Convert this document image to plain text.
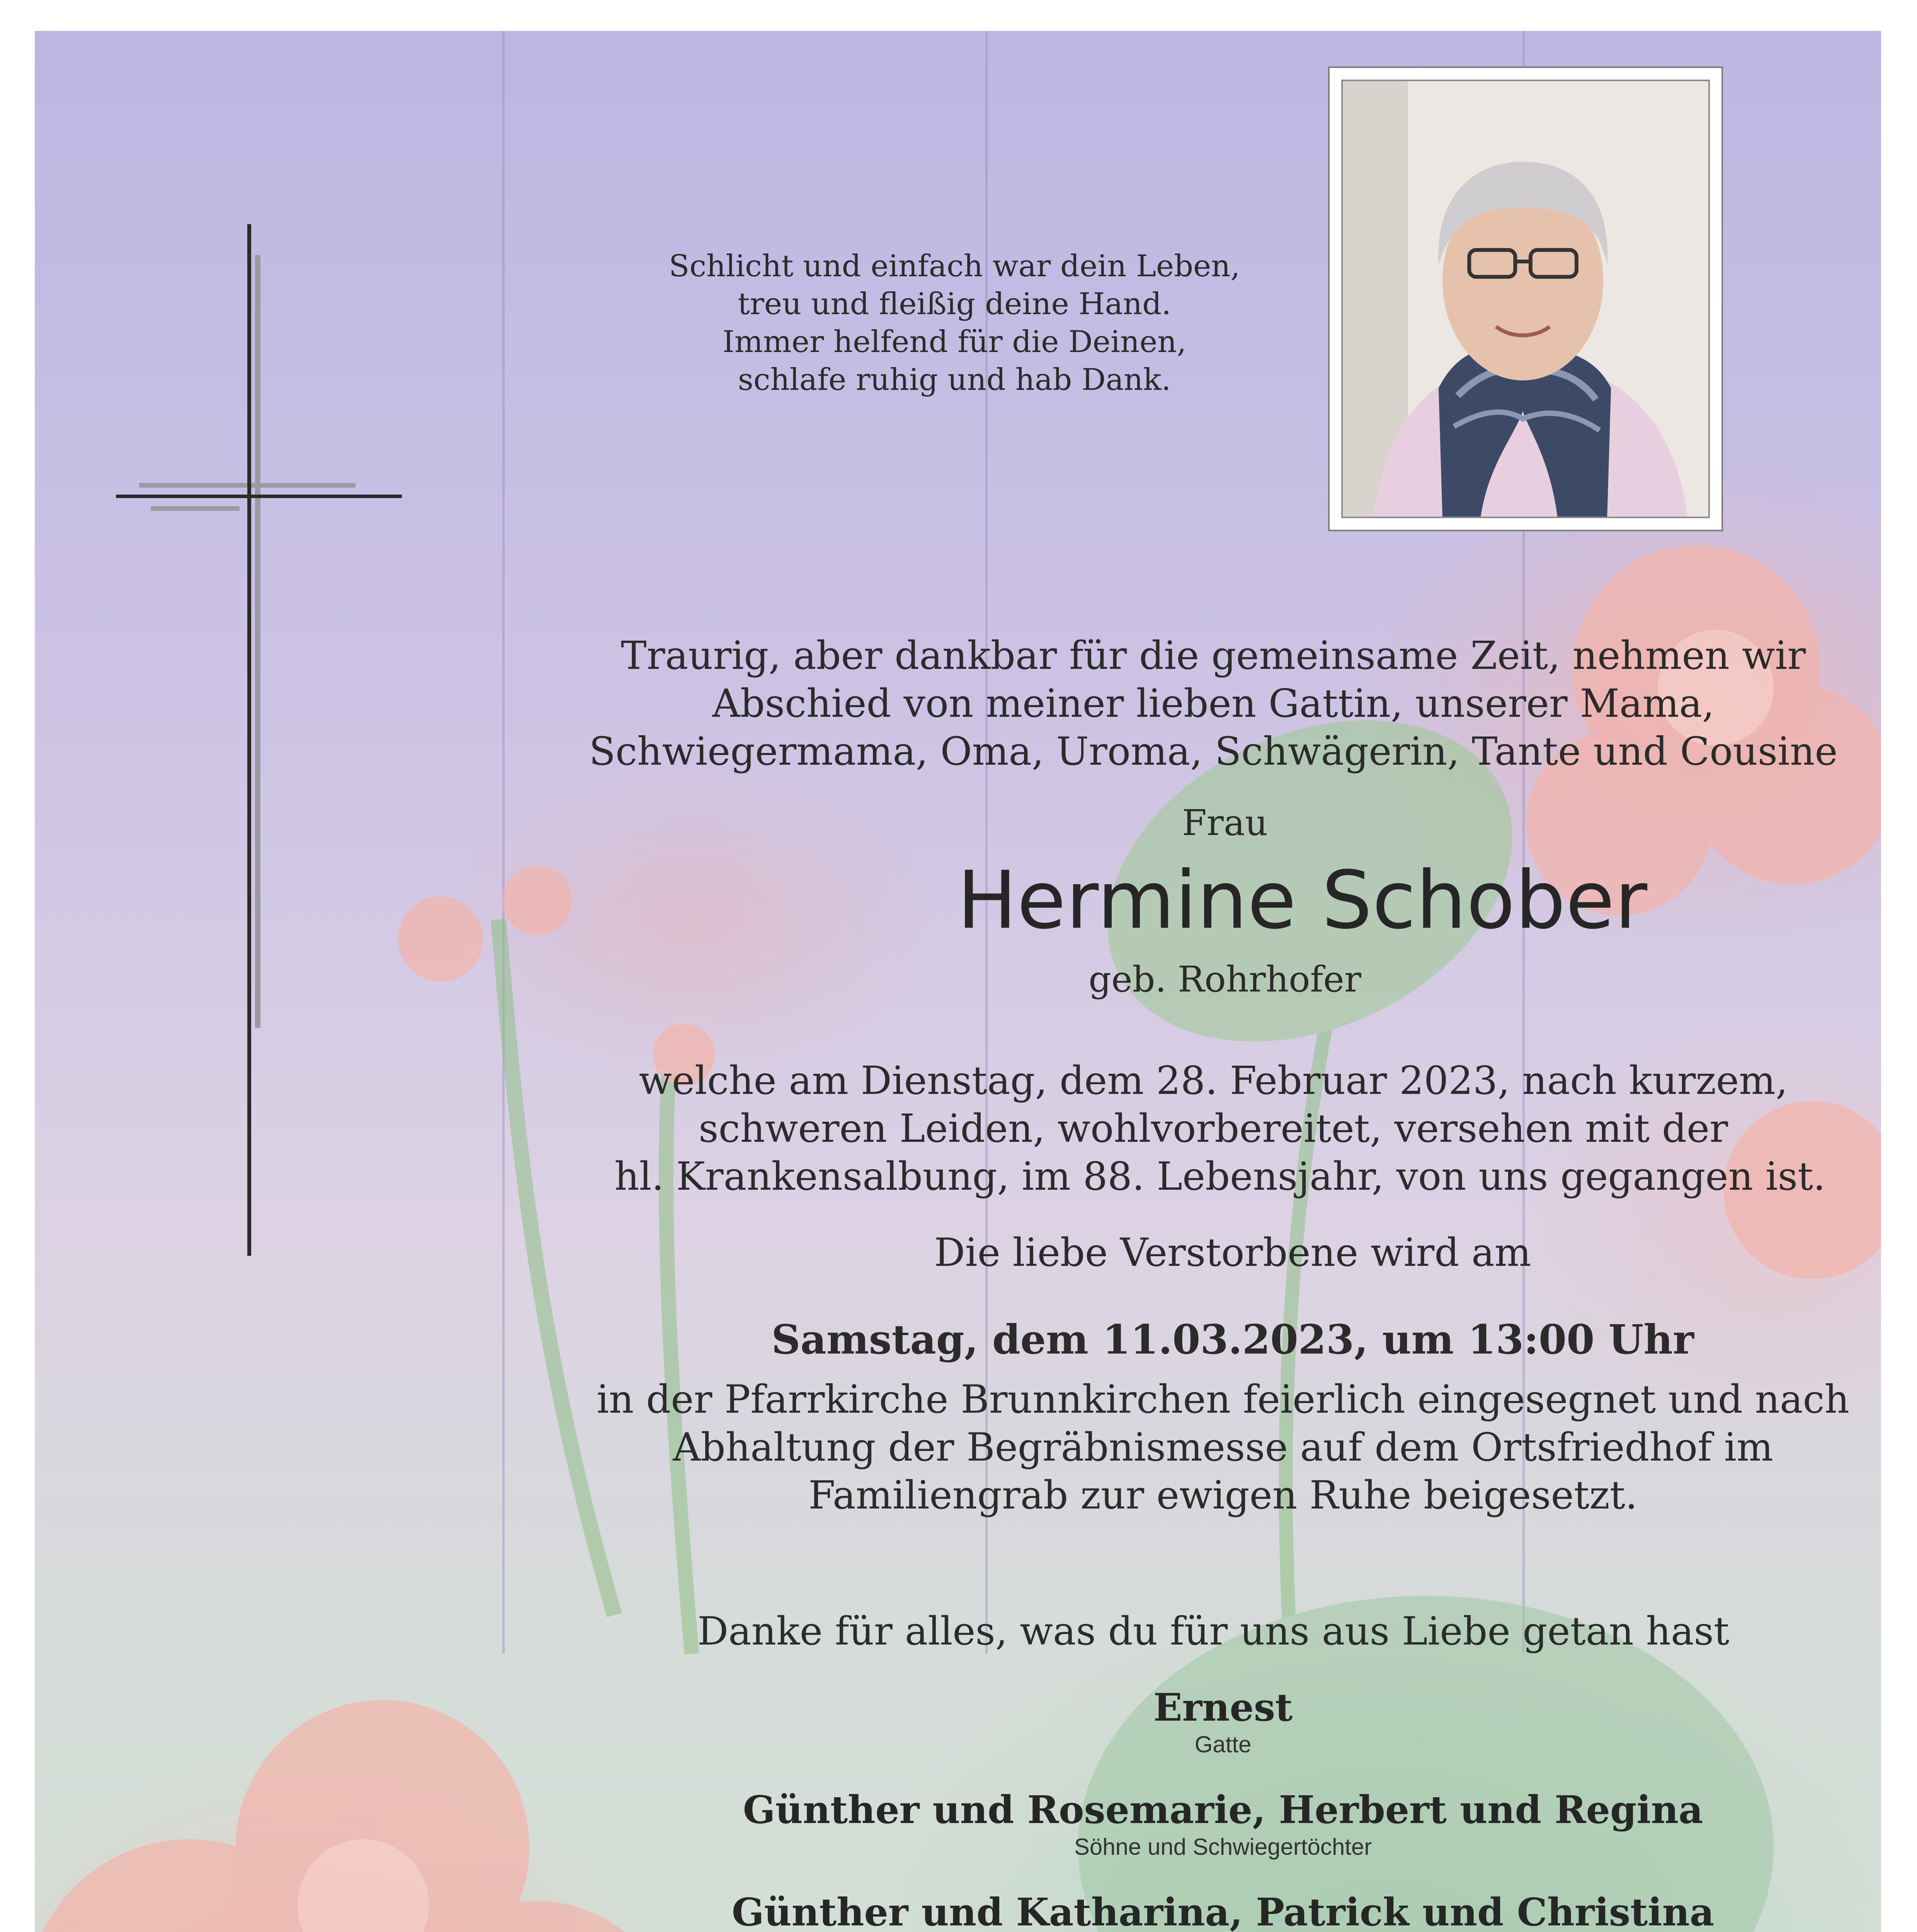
Schlicht und einfach war dein Leben,
treu und fleißig deine Hand.
Immer helfend für die Deinen,
schlafe ruhig und hab Dank.
Traurig, aber dankbar für die gemeinsame Zeit, nehmen wir
Abschied von meiner lieben Gattin, unserer Mama,
Schwiegermama, Oma, Uroma, Schwägerin, Tante und Cousine
Frau
Hermine Schober
geb. Rohrhofer
welche am Dienstag, dem 28. Februar 2023, nach kurzem,
schweren Leiden, wohlvorbereitet, versehen mit der
hl. Krankensalbung, im 88. Lebensjahr, von uns gegangen ist.
Die liebe Verstorbene wird am
Samstag, dem 11.03.2023, um 13:00 Uhr
in der Pfarrkirche Brunnkirchen feierlich eingesegnet und nach
Abhaltung der Begräbnismesse auf dem Ortsfriedhof im
Familiengrab zur ewigen Ruhe beigesetzt.
Danke für alles, was du für uns aus Liebe getan hast
Ernest
Gatte
Günther und Rosemarie, Herbert und Regina
Söhne und Schwiegertöchter
Günther und Katharina, Patrick und Christina
